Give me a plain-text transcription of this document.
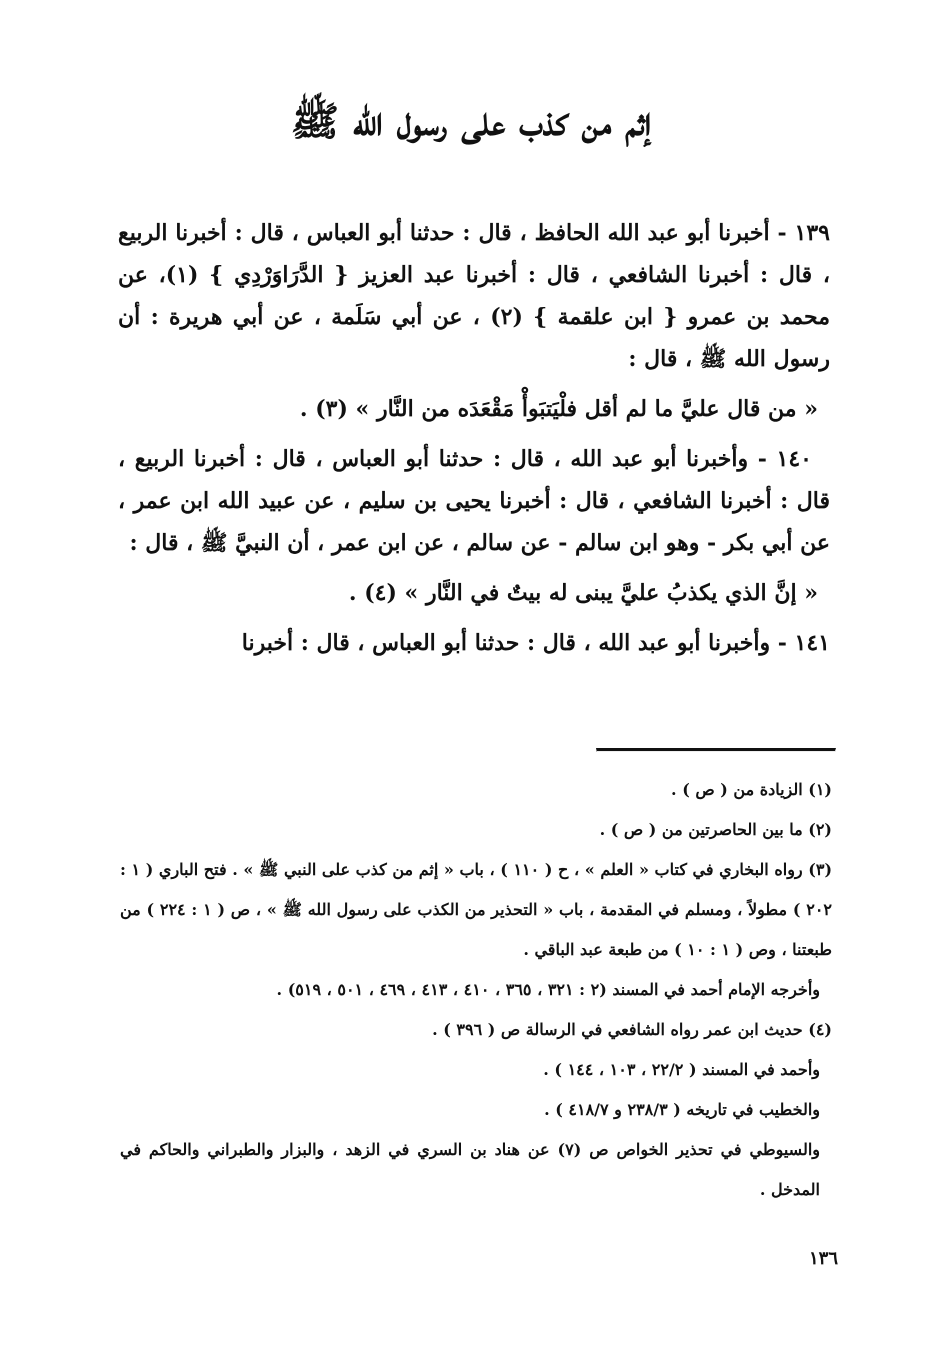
إثم من كذب على رسول الله ﷺ

١٣٩ - أخبرنا أبو عبد الله الحافظ ، قال : حدثنا أبو العباس ، قال : أخبرنا الربيع ، قال : أخبرنا الشافعي ، قال : أخبرنا عبد العزيز { الدَّرَاوَرْدِي } (١)، عن محمد بن عمرو { ابن علقمة } (٢) ، عن أبي سَلَمة ، عن أبي هريرة : أن رسول الله ﷺ ، قال :

« من قال عليَّ ما لم أقل فلْيَتبَوأْ مَقْعَدَه من النَّار » (٣) .

١٤٠ - وأخبرنا أبو عبد الله ، قال : حدثنا أبو العباس ، قال : أخبرنا الربيع ، قال : أخبرنا الشافعي ، قال : أخبرنا يحيى بن سليم ، عن عبيد الله ابن عمر ، عن أبي بكر - وهو ابن سالم - عن سالم ، عن ابن عمر ، أن النبيَّ ﷺ ، قال :

« إنَّ الذي يكذبُ عليَّ يبنى له بيتٌ في النَّار » (٤) .

١٤١ - وأخبرنا أبو عبد الله ، قال : حدثنا أبو العباس ، قال : أخبرنا

(١) الزيادة من ( ص ) .

(٢) ما بين الحاصرتين من ( ص ) .

(٣) رواه البخاري في كتاب « العلم » ، ح ( ١١٠ ) ، باب « إثم من كذب على النبي ﷺ » . فتح الباري ( ١ : ٢٠٢ ) مطولاً ، ومسلم في المقدمة ، باب « التحذير من الكذب على رسول الله ﷺ » ، ص ( ١ : ٢٢٤ ) من طبعتنا ، وص ( ١ : ١٠ ) من طبعة عبد الباقي .

وأخرجه الإمام أحمد في المسند (٢ : ٣٢١ ، ٣٦٥ ، ٤١٠ ، ٤١٣ ، ٤٦٩ ، ٥٠١ ، ٥١٩) .

(٤) حديث ابن عمر رواه الشافعي في الرسالة ص ( ٣٩٦ ) .

وأحمد في المسند ( ٢٢/٢ ، ١٠٣ ، ١٤٤ ) .

والخطيب في تاريخه ( ٢٣٨/٣ و ٤١٨/٧ ) .

والسيوطي في تحذير الخواص ص (٧) عن هناد بن السري في الزهد ، والبزار والطبراني والحاكم في المدخل .

١٣٦
